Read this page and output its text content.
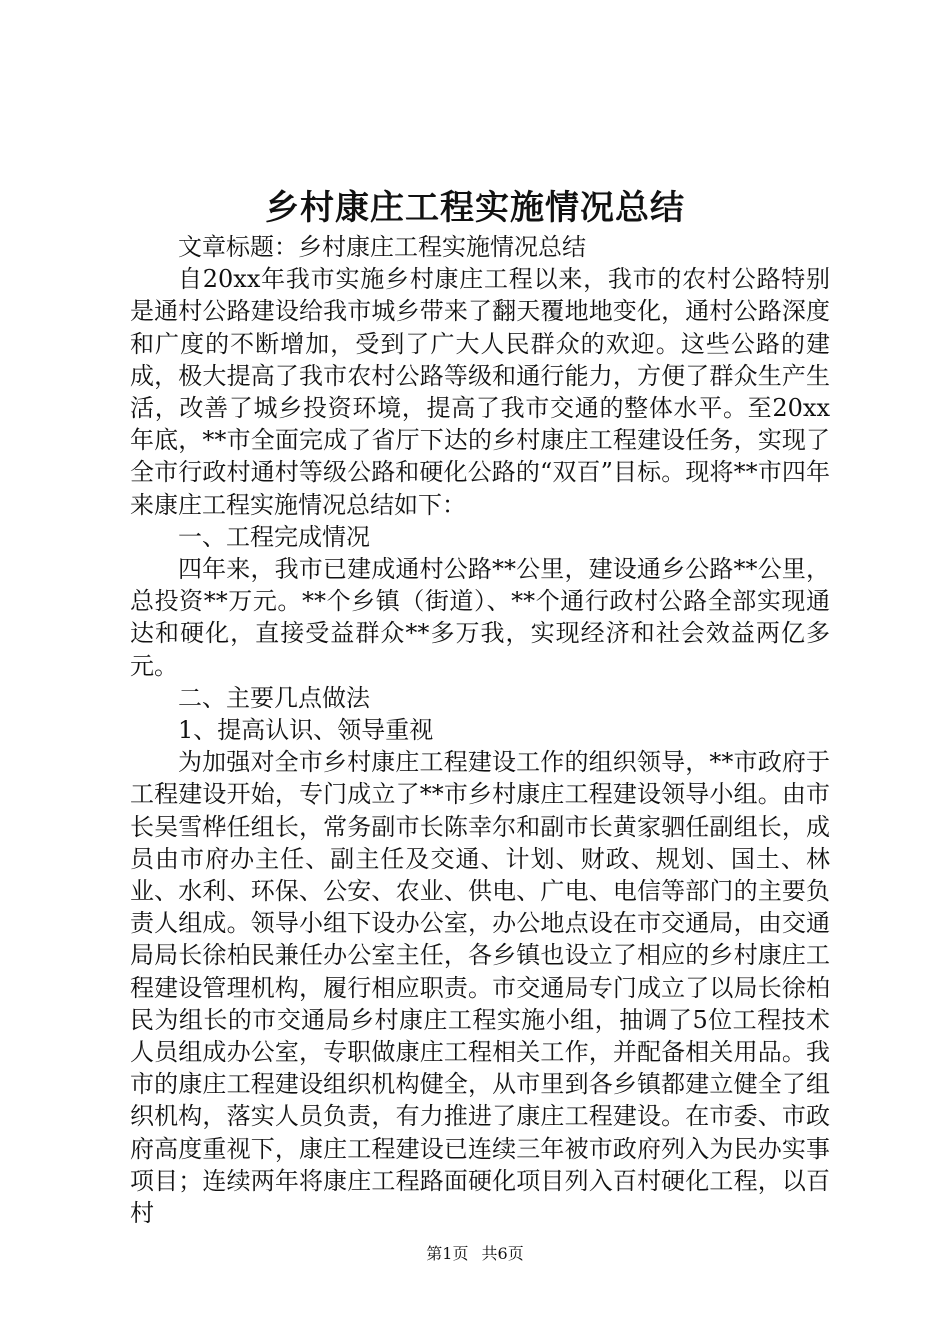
乡村康庄工程实施情况总结

文章标题：乡村康庄工程实施情况总结

自20xx年我市实施乡村康庄工程以来，我市的农村公路特别是通村公路建设给我市城乡带来了翻天覆地地变化，通村公路深度和广度的不断增加，受到了广大人民群众的欢迎。这些公路的建成，极大提高了我市农村公路等级和通行能力，方便了群众生产生活，改善了城乡投资环境，提高了我市交通的整体水平。至20xx年底，**市全面完成了省厅下达的乡村康庄工程建设任务，实现了全市行政村通村等级公路和硬化公路的“双百”目标。现将**市四年来康庄工程实施情况总结如下：

一、工程完成情况

四年来，我市已建成通村公路**公里，建设通乡公路**公里，总投资**万元。**个乡镇（街道）、**个通行政村公路全部实现通达和硬化，直接受益群众**多万我，实现经济和社会效益两亿多元。

二、主要几点做法

1、提高认识、领导重视

为加强对全市乡村康庄工程建设工作的组织领导，**市政府于工程建设开始，专门成立了**市乡村康庄工程建设领导小组。由市长吴雪桦任组长，常务副市长陈幸尔和副市长黄家驷任副组长，成员由市府办主任、副主任及交通、计划、财政、规划、国土、林业、水利、环保、公安、农业、供电、广电、电信等部门的主要负责人组成。领导小组下设办公室，办公地点设在市交通局，由交通局局长徐柏民兼任办公室主任，各乡镇也设立了相应的乡村康庄工程建设管理机构，履行相应职责。市交通局专门成立了以局长徐柏民为组长的市交通局乡村康庄工程实施小组，抽调了5位工程技术人员组成办公室，专职做康庄工程相关工作，并配备相关用品。我市的康庄工程建设组织机构健全，从市里到各乡镇都建立健全了组织机构，落实人员负责，有力推进了康庄工程建设。在市委、市政府高度重视下，康庄工程建设已连续三年被市政府列入为民办实事项目；连续两年将康庄工程路面硬化项目列入百村硬化工程，以百村

第1页 共6页
